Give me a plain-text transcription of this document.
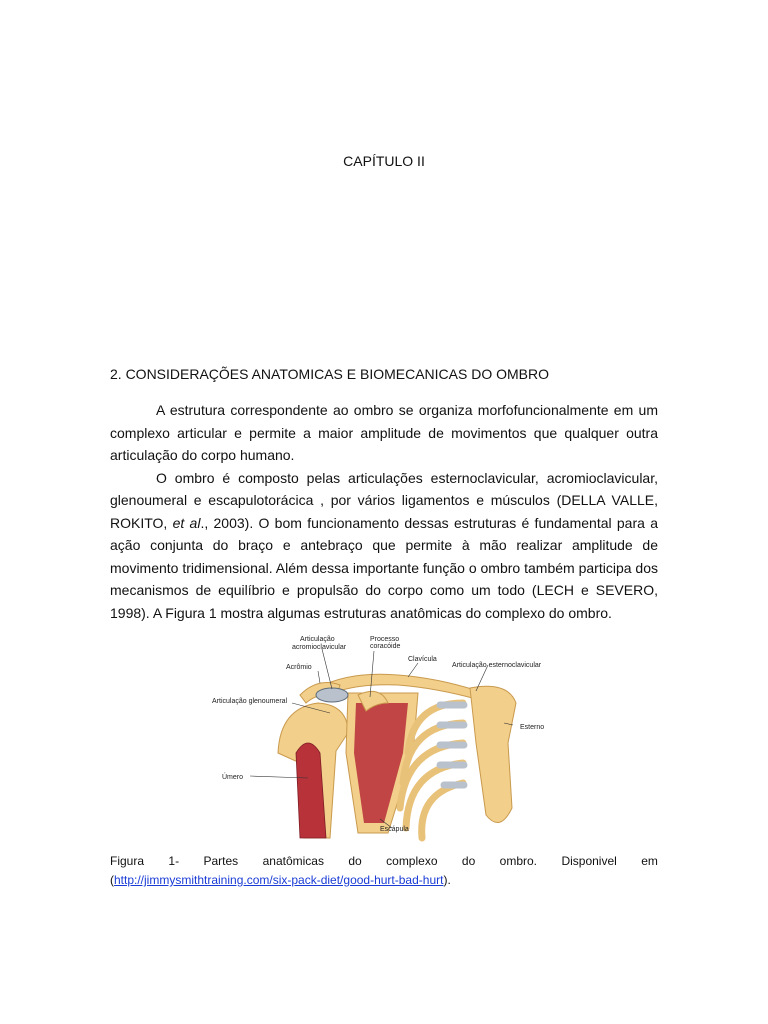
CAPÍTULO II
2. CONSIDERAÇÕES ANATOMICAS E BIOMECANICAS DO OMBRO

A estrutura correspondente ao ombro se organiza morfofuncionalmente em um complexo articular e permite a maior amplitude de movimentos que qualquer outra articulação do corpo humano.

O ombro é composto pelas articulações esternoclavicular, acromioclavicular, glenoumeral e escapulotorácica , por vários ligamentos e músculos (DELLA VALLE, ROKITO, et al., 2003). O bom funcionamento dessas estruturas é fundamental para a ação conjunta do braço e antebraço que permite à mão realizar amplitude de movimento tridimensional. Além dessa importante função o ombro também participa dos mecanismos de equilíbrio e propulsão do corpo como um todo (LECH e SEVERO, 1998). A Figura 1 mostra algumas estruturas anatômicas do complexo do ombro.

Articulação acromioclavicular
Processo coracóide
Clavícula
Articulação esternoclavicular
Acrômio
Articulação glenoumeral
Esterno
Úmero
Escápula
Figura 1- Partes anatômicas do complexo do ombro. Disponivel em
(http://jimmysmithtraining.com/six-pack-diet/good-hurt-bad-hurt).
